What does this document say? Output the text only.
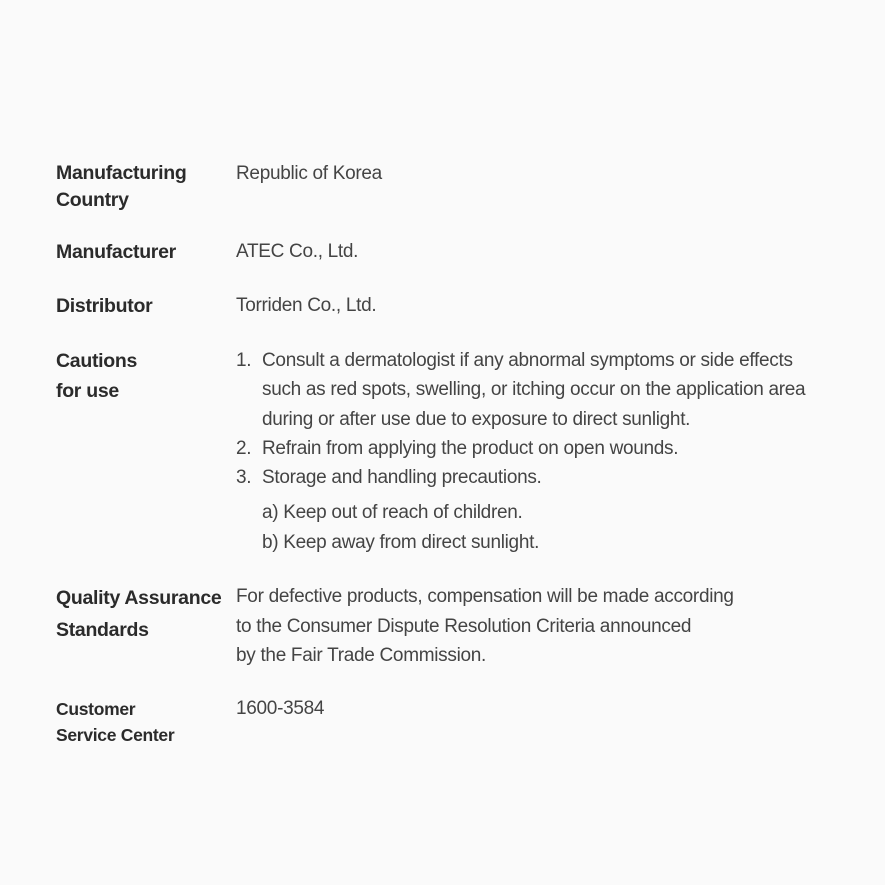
Manufacturing
Country
Republic of Korea
Manufacturer	ATEC Co., Ltd.
Distributor	Torriden Co., Ltd.
Cautions
for use
1. Consult a dermatologist if any abnormal symptoms or side effects
such as red spots, swelling, or itching occur on the application area
during or after use due to exposure to direct sunlight.
2. Refrain from applying the product on open wounds.
3. Storage and handling precautions.
a) Keep out of reach of children.
b) Keep away from direct sunlight.
Quality Assurance
Standards
For defective products, compensation will be made according
to the Consumer Dispute Resolution Criteria announced
by the Fair Trade Commission.
Customer
Service Center
1600-3584
